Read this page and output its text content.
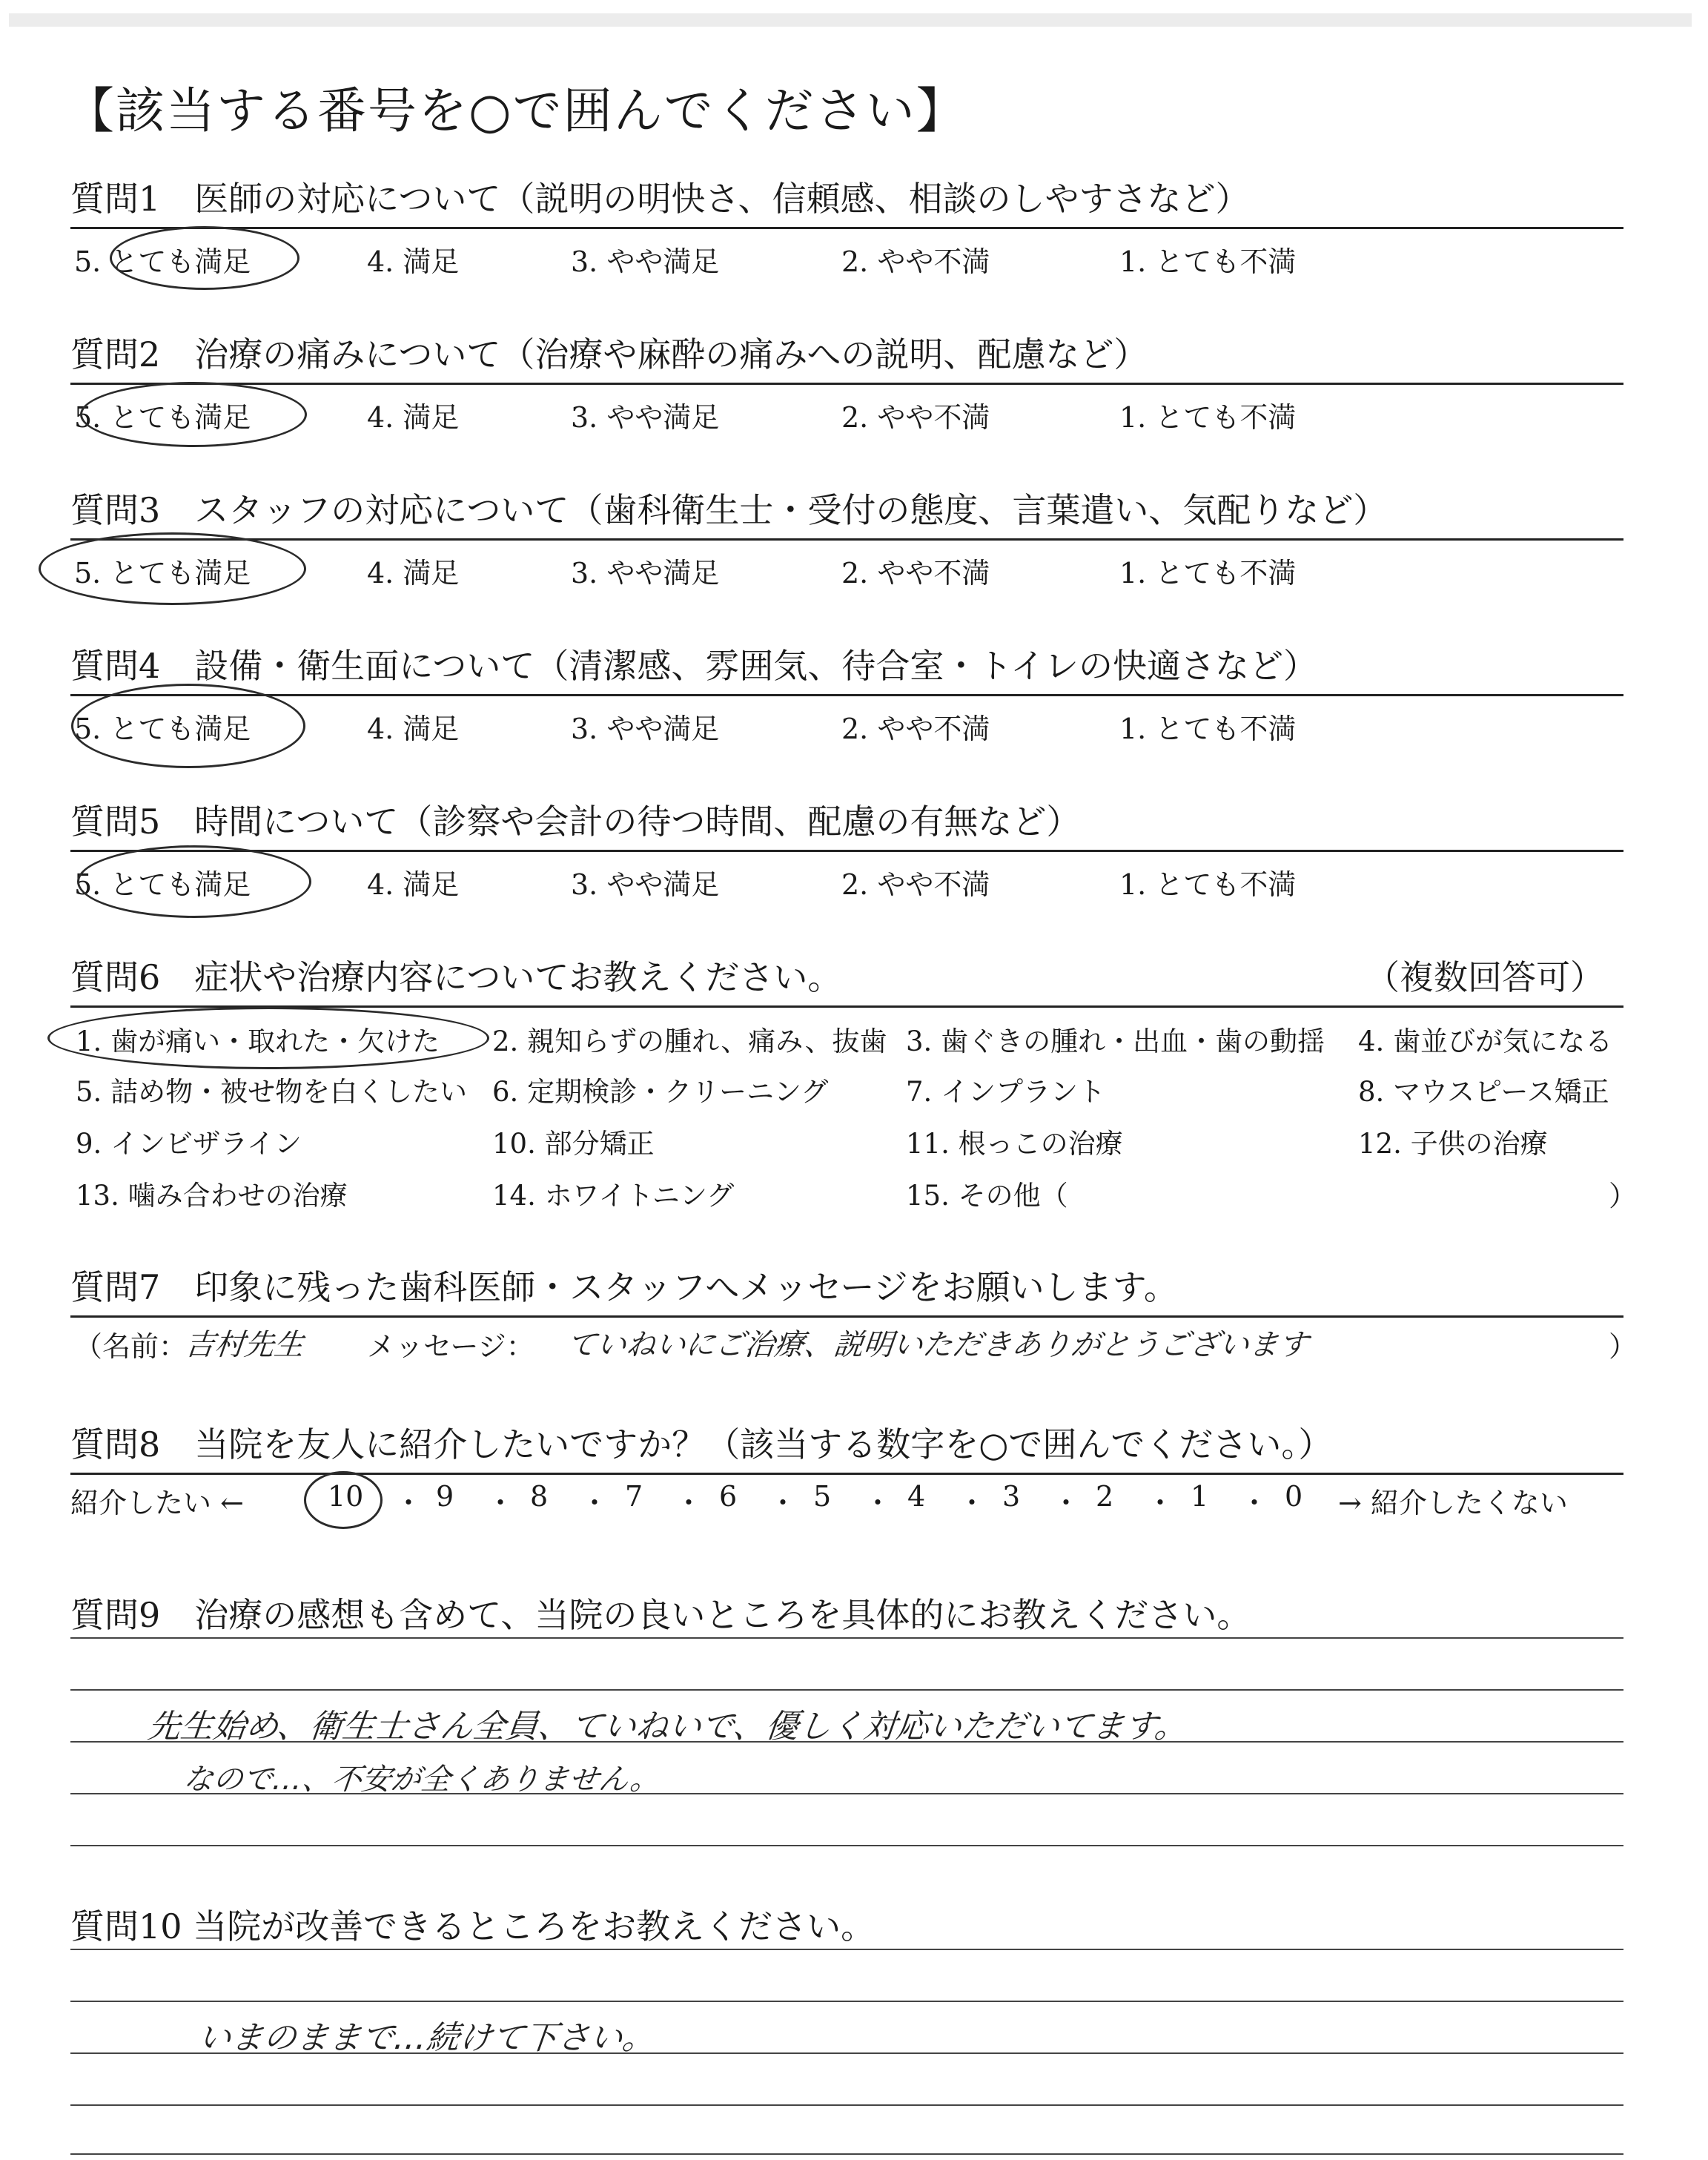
【該当する番号を○で囲んでください】
質問1　医師の対応について（説明の明快さ、信頼感、相談のしやすさなど）
5. とても満足	4. 満足	3. やや満足	2. やや不満	1. とても不満
質問2　治療の痛みについて（治療や麻酔の痛みへの説明、配慮など）
5. とても満足	4. 満足	3. やや満足	2. やや不満	1. とても不満
質問3　スタッフの対応について（歯科衛生士・受付の態度、言葉遣い、気配りなど）
5. とても満足	4. 満足	3. やや満足	2. やや不満	1. とても不満
質問4　設備・衛生面について（清潔感、雰囲気、待合室・トイレの快適さなど）
5. とても満足	4. 満足	3. やや満足	2. やや不満	1. とても不満
質問5　時間について（診察や会計の待つ時間、配慮の有無など）
5. とても満足	4. 満足	3. やや満足	2. やや不満	1. とても不満
質問6　症状や治療内容についてお教えください。	（複数回答可）
1. 歯が痛い・取れた・欠けた 2. 親知らずの腫れ、痛み、抜歯 3. 歯ぐきの腫れ・出血・歯の動揺 4. 歯並びが気になる
5. 詰め物・被せ物を白くしたい 6. 定期検診・クリーニング	7. インプラント	8. マウスピース矯正
9. インビザライン	10. 部分矯正	11. 根っこの治療	12. 子供の治療
13. 噛み合わせの治療	14. ホワイトニング	15. その他（	）
質問7　印象に残った歯科医師・スタッフへメッセージをお願いします。
（名前：
吉村先生 メッセージ： ていねいにご治療、説明いただきありがとうございます	）
質問8　当院を友人に紹介したいですか？（該当する数字を○で囲んでください。）
紹介したい ←	10 ・ 9 ・ 8 ・ 7 ・ 6 ・ 5 ・ 4 ・ 3 ・ 2 ・ 1 ・ 0 → 紹介したくない
質問9　治療の感想も含めて、当院の良いところを具体的にお教えください。
先生始め、衛生士さん全員、ていねいで、優しく対応いただいてます。
なので…、不安が全くありません。
質問10 当院が改善できるところをお教えください。
いまのままで…続けて下さい。
